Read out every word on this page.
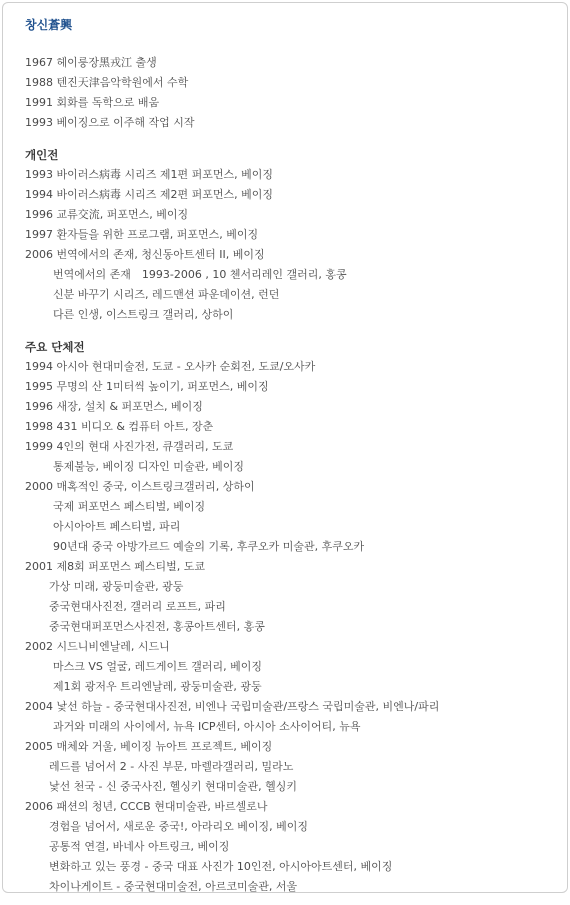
창신蒼興
1967 헤이룽장黑戎江 출생
1988 텐진天津음악학원에서 수학
1991 회화를 독학으로 배움
1993 베이징으로 이주해 작업 시작
개인전
1993 바이러스病毒 시리즈 제1편 퍼포먼스, 베이징
1994 바이러스病毒 시리즈 제2편 퍼포먼스, 베이징
1996 교류交流, 퍼포먼스, 베이징
1997 환자들을 위한 프로그램, 퍼포먼스, 베이징
2006 번역에서의 존재, 청신동아트센터 II, 베이징
번역에서의 존재　1993-2006 , 10 첸서리레인 갤러리, 홍콩
신분 바꾸기 시리즈, 레드맨션 파운데이션, 런던
다른 인생, 이스트링크 갤러리, 상하이
주요 단체전
1994 아시아 현대미술전, 도쿄 - 오사카 순회전, 도쿄/오사카
1995 무명의 산 1미터씩 높이기, 퍼포먼스, 베이징
1996 새장, 설치 & 퍼포먼스, 베이징
1998 431 비디오 & 컴퓨터 아트, 장춘
1999 4인의 현대 사진가전, 큐갤러리, 도쿄
통제불능, 베이징 디자인 미술관, 베이징
2000 매혹적인 중국, 이스트링크갤러리, 상하이
국제 퍼포먼스 페스티벌, 베이징
아시아아트 페스티벌, 파리
90년대 중국 아방가르드 예술의 기록, 후쿠오카 미술관, 후쿠오카
2001 제8회 퍼포먼스 페스티벌, 도쿄
가상 미래, 광둥미술관, 광둥
중국현대사진전, 갤러리 로프트, 파리
중국현대퍼포먼스사진전, 홍콩아트센터, 홍콩
2002 시드니비엔날레, 시드니
마스크 VS 얼굴, 레드게이트 갤러리, 베이징
제1회 광저우 트리엔날레, 광둥미술관, 광둥
2004 낯선 하늘 - 중국현대사진전, 비엔나 국립미술관/프랑스 국립미술관, 비엔나/파리
과거와 미래의 사이에서, 뉴욕 ICP센터, 아시아 소사이어티, 뉴욕
2005 매체와 거울, 베이징 뉴아트 프로젝트, 베이징
레드를 넘어서 2 - 사진 부문, 마렐라갤러리, 밀라노
낯선 천국 - 신 중국사진, 헬싱키 현대미술관, 헬싱키
2006 패션의 청년, CCCB 현대미술관, 바르셀로나
경험을 넘어서, 새로운 중국!, 아라리오 베이징, 베이징
공통적 연결, 바네사 아트링크, 베이징
변화하고 있는 풍경 - 중국 대표 사진가 10인전, 아시아아트센터, 베이징
차이나게이트 - 중국현대미술전, 아르코미술관, 서울
